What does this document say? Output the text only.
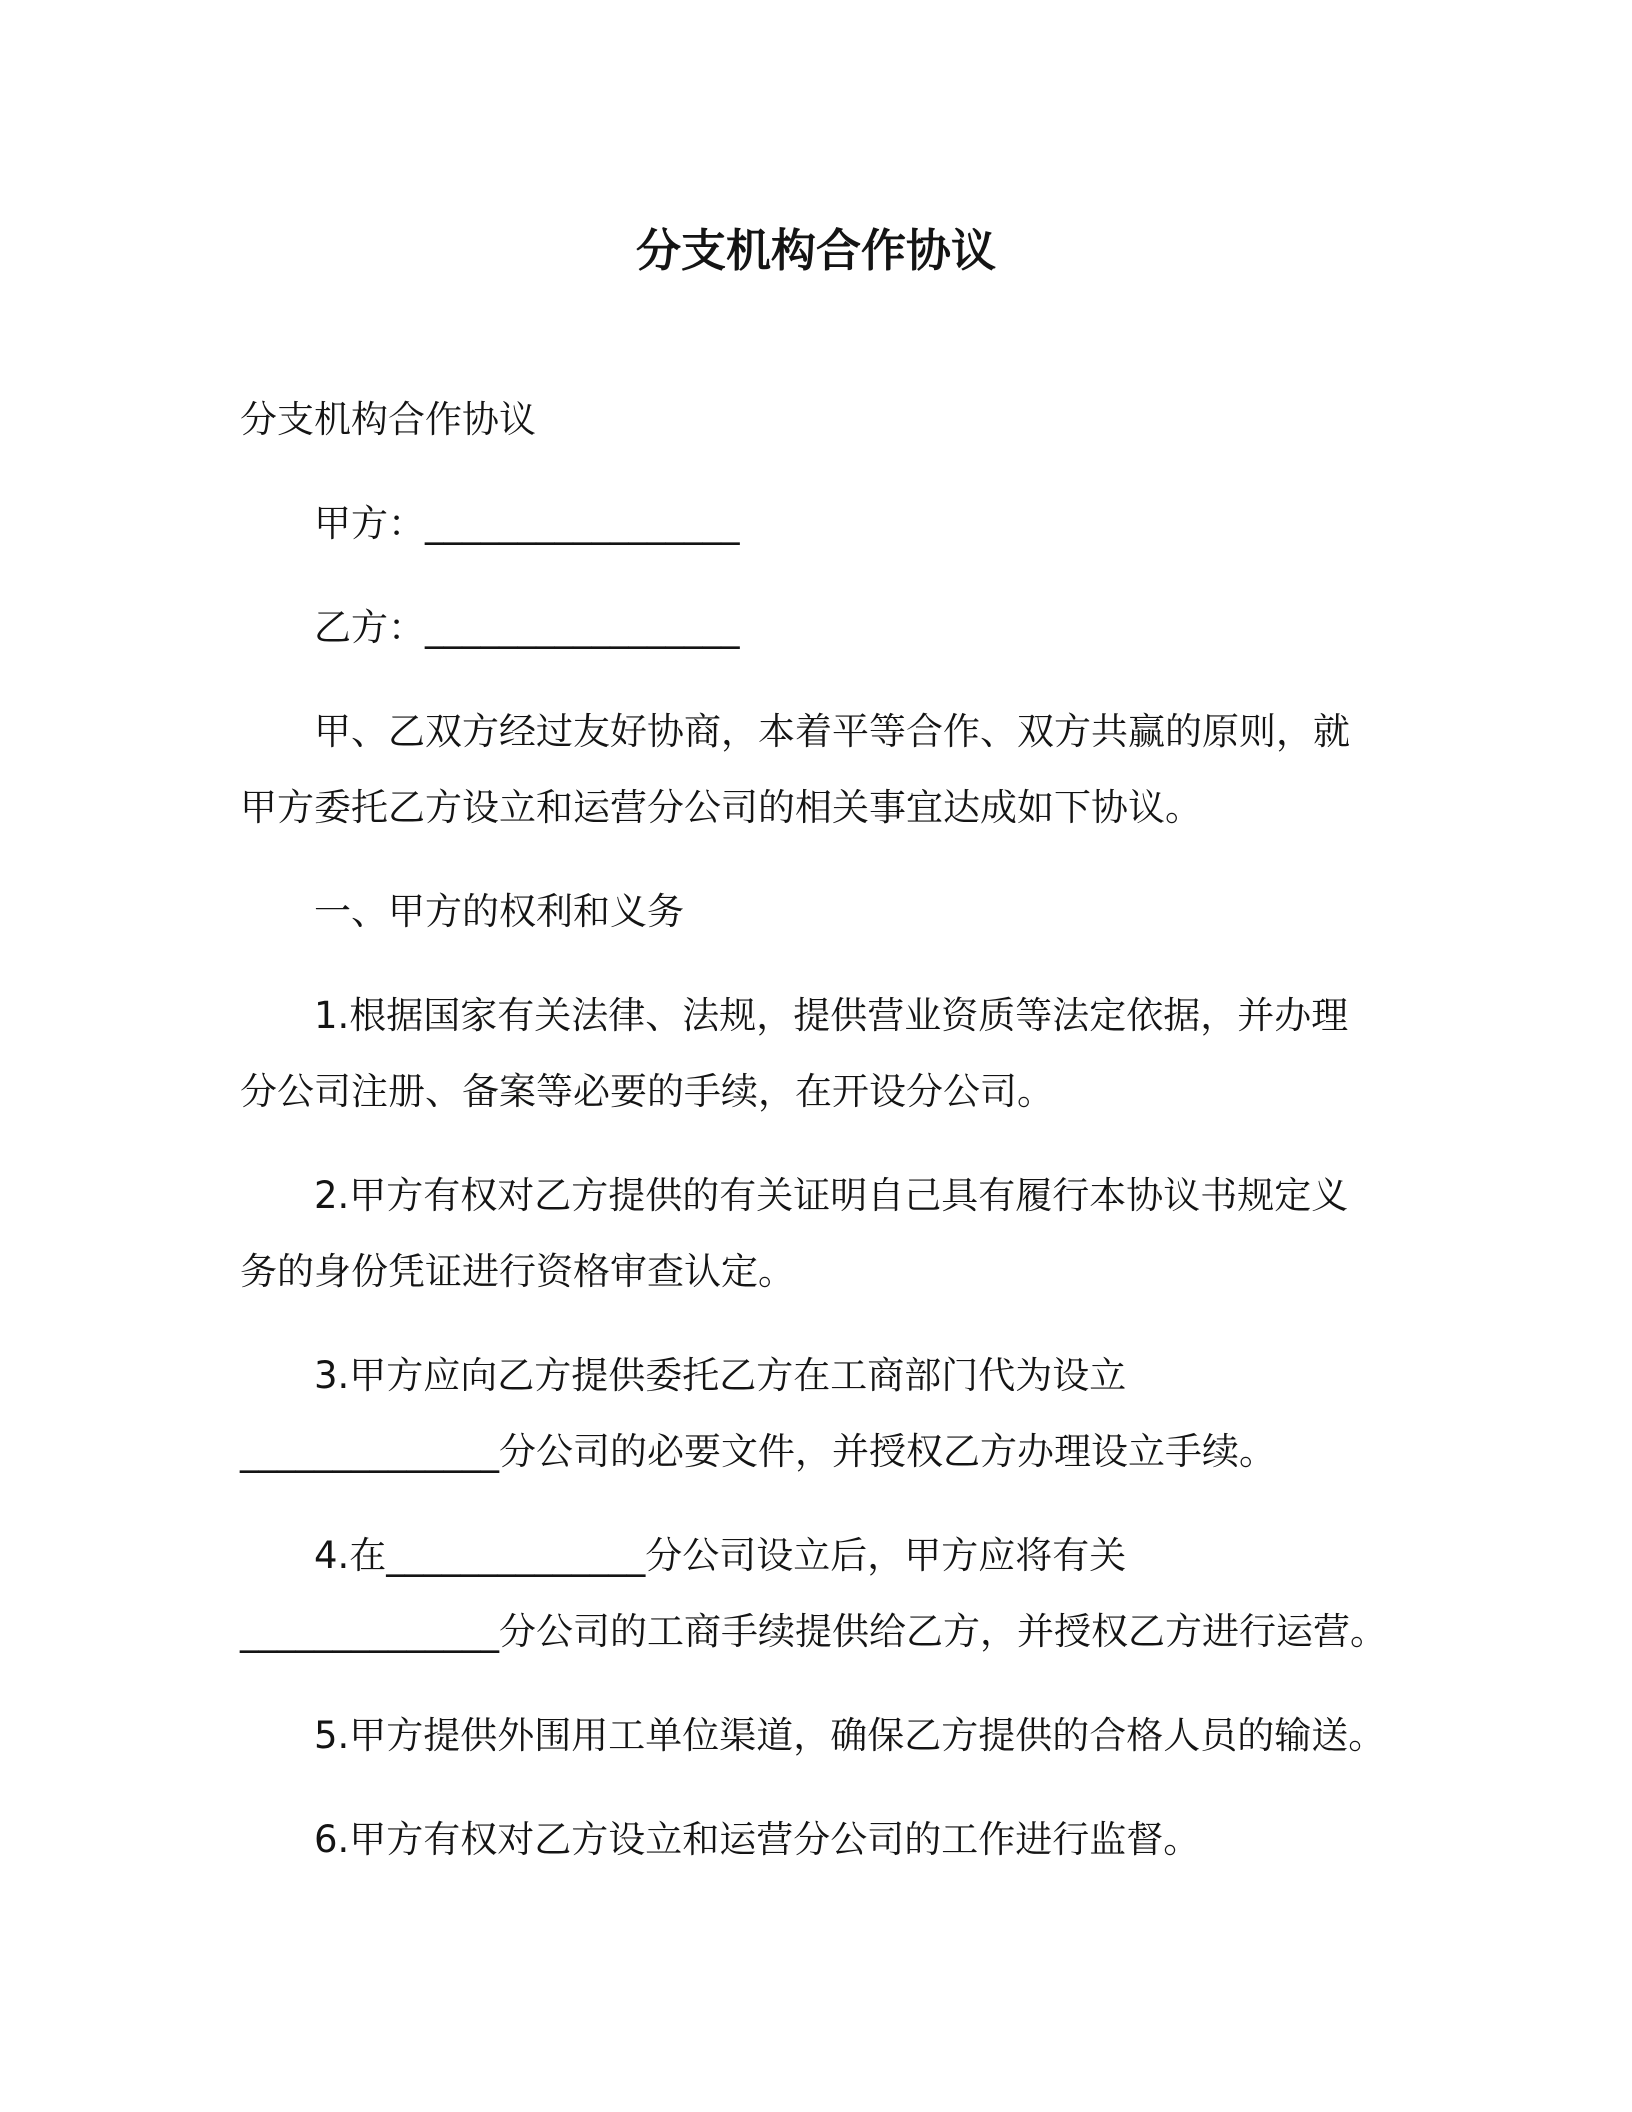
分支机构合作协议

分支机构合作协议

甲方：_________________

乙方：_________________

甲、乙双方经过友好协商，本着平等合作、双方共赢的原则，就
甲方委托乙方设立和运营分公司的相关事宜达成如下协议。

一、甲方的权利和义务

1.根据国家有关法律、法规，提供营业资质等法定依据，并办理
分公司注册、备案等必要的手续，在开设分公司。

2.甲方有权对乙方提供的有关证明自己具有履行本协议书规定义
务的身份凭证进行资格审查认定。

3.甲方应向乙方提供委托乙方在工商部门代为设立
______________分公司的必要文件，并授权乙方办理设立手续。

4.在______________分公司设立后，甲方应将有关
______________分公司的工商手续提供给乙方，并授权乙方进行运营。

5.甲方提供外围用工单位渠道，确保乙方提供的合格人员的输送。

6.甲方有权对乙方设立和运营分公司的工作进行监督。
